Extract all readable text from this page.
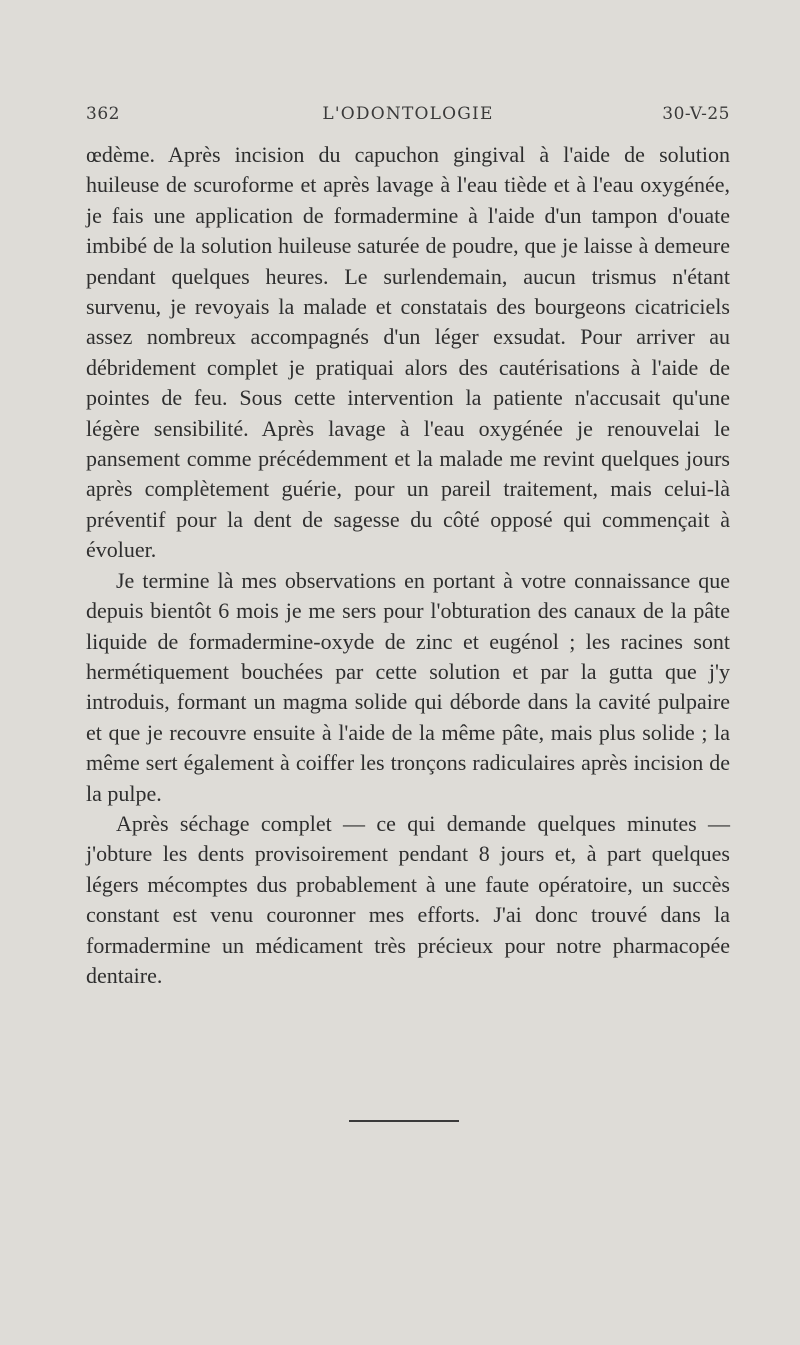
362	L'ODONTOLOGIE	30-V-25

œdème. Après incision du capuchon gingival à l'aide de solution huileuse de scuroforme et après lavage à l'eau tiède et à l'eau oxygénée, je fais une application de formadermine à l'aide d'un tampon d'ouate imbibé de la solution huileuse saturée de poudre, que je laisse à demeure pendant quelques heures. Le surlendemain, aucun trismus n'étant survenu, je revoyais la malade et constatais des bourgeons cicatriciels assez nombreux accompagnés d'un léger exsudat. Pour arriver au débridement complet je pratiquai alors des cautérisations à l'aide de pointes de feu. Sous cette intervention la patiente n'accusait qu'une légère sensibilité. Après lavage à l'eau oxygénée je renouvelai le pansement comme précédemment et la malade me revint quelques jours après complètement guérie, pour un pareil traitement, mais celui-là préventif pour la dent de sagesse du côté opposé qui commençait à évoluer.

Je termine là mes observations en portant à votre connaissance que depuis bientôt 6 mois je me sers pour l'obturation des canaux de la pâte liquide de formadermine-oxyde de zinc et eugénol ; les racines sont hermétiquement bouchées par cette solution et par la gutta que j'y introduis, formant un magma solide qui déborde dans la cavité pulpaire et que je recouvre ensuite à l'aide de la même pâte, mais plus solide ; la même sert également à coiffer les tronçons radiculaires après incision de la pulpe.

Après séchage complet — ce qui demande quelques minutes — j'obture les dents provisoirement pendant 8 jours et, à part quelques légers mécomptes dus probablement à une faute opératoire, un succès constant est venu couronner mes efforts. J'ai donc trouvé dans la formadermine un médicament très précieux pour notre pharmacopée dentaire.
